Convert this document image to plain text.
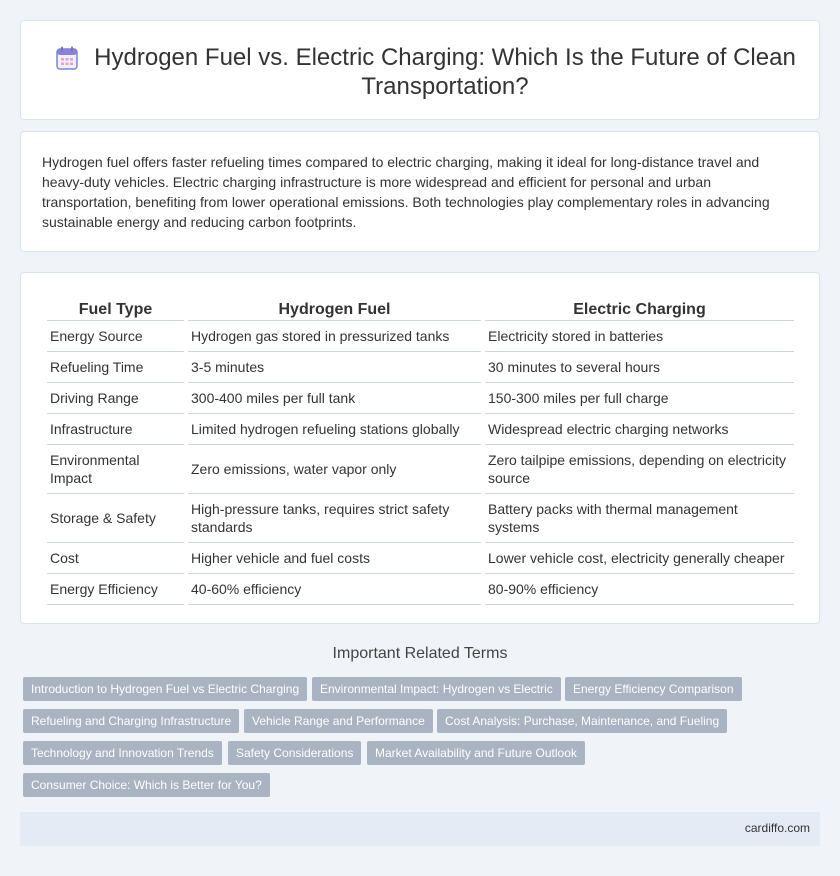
Hydrogen Fuel vs. Electric Charging: Which Is the Future of Clean Transportation?

Hydrogen fuel offers faster refueling times compared to electric charging, making it ideal for long-distance travel and heavy-duty vehicles. Electric charging infrastructure is more widespread and efficient for personal and urban transportation, benefiting from lower operational emissions. Both technologies play complementary roles in advancing sustainable energy and reducing carbon footprints.

Fuel Type	Hydrogen Fuel	Electric Charging
Energy Source	Hydrogen gas stored in pressurized tanks	Electricity stored in batteries
Refueling Time	3-5 minutes	30 minutes to several hours
Driving Range	300-400 miles per full tank	150-300 miles per full charge
Infrastructure	Limited hydrogen refueling stations globally	Widespread electric charging networks
Environmental Impact	Zero emissions, water vapor only	Zero tailpipe emissions, depending on electricity source
Storage & Safety	High-pressure tanks, requires strict safety standards	Battery packs with thermal management systems
Cost	Higher vehicle and fuel costs	Lower vehicle cost, electricity generally cheaper
Energy Efficiency	40-60% efficiency	80-90% efficiency
Important Related Terms
Introduction to Hydrogen Fuel vs Electric Charging	Environmental Impact: Hydrogen vs Electric	Energy Efficiency Comparison
Refueling and Charging Infrastructure	Vehicle Range and Performance	Cost Analysis: Purchase, Maintenance, and Fueling
Technology and Innovation Trends	Safety Considerations	Market Availability and Future Outlook
Consumer Choice: Which is Better for You?
cardiffo.com
